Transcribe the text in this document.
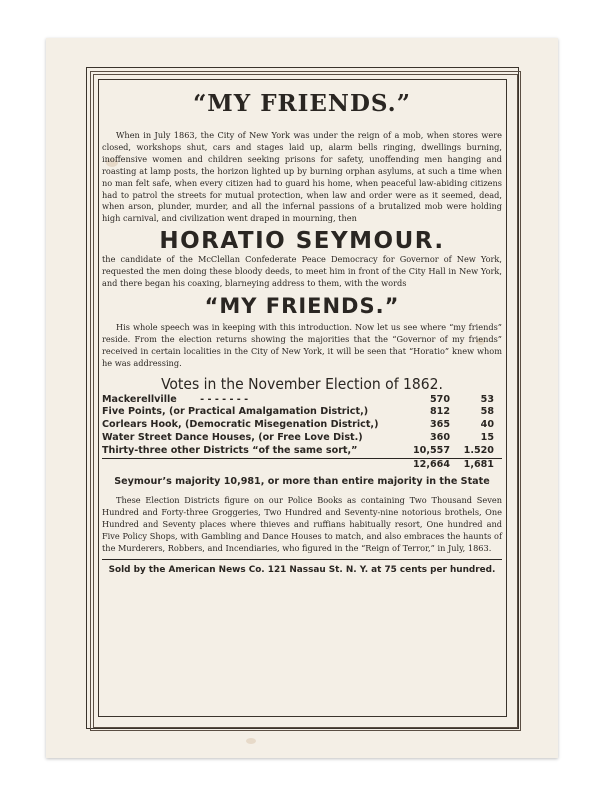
“MY FRIENDS.”

When in July 1863, the City of New York was under the reign of a mob, when stores were closed, workshops shut, cars and stages laid up, alarm bells ringing, dwellings burning, inoffensive women and children seeking prisons for safety, unoffending men hanging and roasting at lamp posts, the horizon lighted up by burning orphan asylums, at such a time when no man felt safe, when every citizen had to guard his home, when peaceful law-abiding citizens had to patrol the streets for mutual protection, when law and order were as it seemed, dead, when arson, plunder, murder, and all the infernal passions of a brutalized mob were holding high carnival, and civilization went draped in mourning, then

HORATIO SEYMOUR.

the candidate of the McClellan Confederate Peace Democracy for Governor of New York, requested the men doing these bloody deeds, to meet him in front of the City Hall in New York, and there began his coaxing, blarneying address to them, with the words

“MY FRIENDS.”

His whole speech was in keeping with this introduction. Now let us see where “my friends” reside. From the election returns showing the majorities that the “Governor of my friends” received in certain localities in the City of New York, it will be seen that “Horatio” knew whom he was addressing.

Votes in the November Election of 1862.

Mackerellville - - - - - - -	570	53
Five Points, (or Practical Amalgamation District,)	812	58
Corlears Hook, (Democratic Misegenation District,)	365	40
Water Street Dance Houses, (or Free Love Dist.)	360	15
Thirty-three other Districts “of the same sort,”	10,557	1.520
	12,664	1,681

Seymour’s majority 10,981, or more than entire majority in the State

These Election Districts figure on our Police Books as containing Two Thousand Seven Hundred and Forty-three Groggeries, Two Hundred and Seventy-nine notorious brothels, One Hundred and Seventy places where thieves and ruffians habitually resort, One hundred and Five Policy Shops, with Gambling and Dance Houses to match, and also embraces the haunts of the Murderers, Robbers, and Incendiaries, who figured in the “Reign of Terror,” in July, 1863.

Sold by the American News Co. 121 Nassau St. N. Y. at 75 cents per hundred.
